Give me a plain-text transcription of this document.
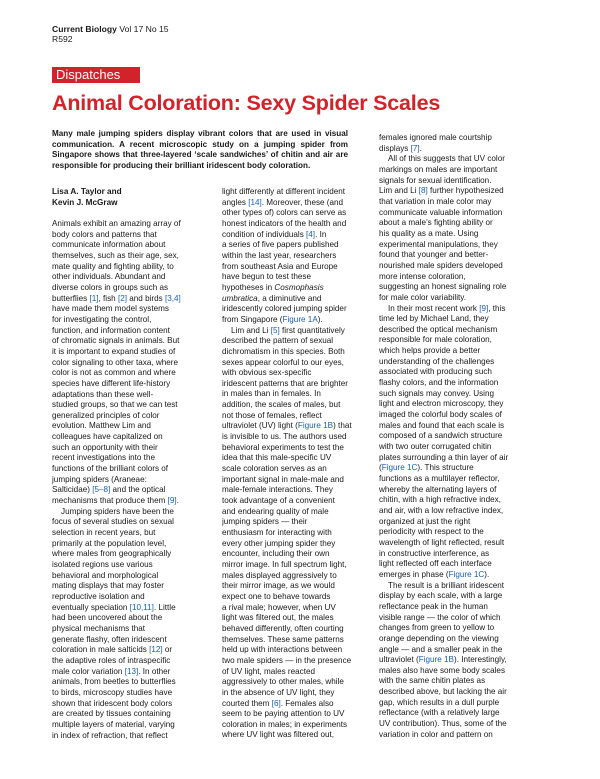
Current Biology Vol 17 No 15
R592
Dispatches
Animal Coloration: Sexy Spider Scales
Many male jumping spiders display vibrant colors that are used in visual communication. A recent microscopic study on a jumping spider from Singapore shows that three-layered ‘scale sandwiches’ of chitin and air are responsible for producing their brilliant iridescent body coloration.
Lisa A. Taylor and
Kevin J. McGraw

Animals exhibit an amazing array of

body colors and patterns that

communicate information about

themselves, such as their age, sex,

mate quality and fighting ability, to

other individuals. Abundant and

diverse colors in groups such as

butterflies [1], fish [2] and birds [3,4]

have made them model systems

for investigating the control,

function, and information content

of chromatic signals in animals. But

it is important to expand studies of

color signaling to other taxa, where

color is not as common and where

species have different life-history

adaptations than these well-

studied groups, so that we can test

generalized principles of color

evolution. Matthew Lim and

colleagues have capitalized on

such an opportunity with their

recent investigations into the

functions of the brilliant colors of

jumping spiders (Araneae:

Salticidae) [5–8] and the optical

mechanisms that produce them [9].

Jumping spiders have been the

focus of several studies on sexual

selection in recent years, but

primarily at the population level,

where males from geographically

isolated regions use various

behavioral and morphological

mating displays that may foster

reproductive isolation and

eventually speciation [10,11]. Little

had been uncovered about the

physical mechanisms that

generate flashy, often iridescent

coloration in male salticids [12] or

the adaptive roles of intraspecific

male color variation [13]. In other

animals, from beetles to butterflies

to birds, microscopy studies have

shown that iridescent body colors

are created by tissues containing

multiple layers of material, varying

in index of refraction, that reflect

light differently at different incident

angles [14]. Moreover, these (and

other types of) colors can serve as

honest indicators of the health and

condition of individuals [4]. In

a series of five papers published

within the last year, researchers

from southeast Asia and Europe

have begun to test these

hypotheses in Cosmophasis

umbratica, a diminutive and

iridescently colored jumping spider

from Singapore (Figure 1A).

Lim and Li [5] first quantitatively

described the pattern of sexual

dichromatism in this species. Both

sexes appear colorful to our eyes,

with obvious sex-specific

iridescent patterns that are brighter

in males than in females. In

addition, the scales of males, but

not those of females, reflect

ultraviolet (UV) light (Figure 1B) that

is invisible to us. The authors used

behavioral experiments to test the

idea that this male-specific UV

scale coloration serves as an

important signal in male-male and

male-female interactions. They

took advantage of a convenient

and endearing quality of male

jumping spiders — their

enthusiasm for interacting with

every other jumping spider they

encounter, including their own

mirror image. In full spectrum light,

males displayed aggressively to

their mirror image, as we would

expect one to behave towards

a rival male; however, when UV

light was filtered out, the males

behaved differently, often courting

themselves. These same patterns

held up with interactions between

two male spiders — in the presence

of UV light, males reacted

aggressively to other males, while

in the absence of UV light, they

courted them [6]. Females also

seem to be paying attention to UV

coloration in males; in experiments

where UV light was filtered out,

females ignored male courtship

displays [7].

All of this suggests that UV color

markings on males are important

signals for sexual identification.

Lim and Li [8] further hypothesized

that variation in male color may

communicate valuable information

about a male’s fighting ability or

his quality as a mate. Using

experimental manipulations, they

found that younger and better-

nourished male spiders developed

more intense coloration,

suggesting an honest signaling role

for male color variability.

In their most recent work [9], this

time led by Michael Land, they

described the optical mechanism

responsible for male coloration,

which helps provide a better

understanding of the challenges

associated with producing such

flashy colors, and the information

such signals may convey. Using

light and electron microscopy, they

imaged the colorful body scales of

males and found that each scale is

composed of a sandwich structure

with two outer corrugated chitin

plates surrounding a thin layer of air

(Figure 1C). This structure

functions as a multilayer reflector,

whereby the alternating layers of

chitin, with a high refractive index,

and air, with a low refractive index,

organized at just the right

periodicity with respect to the

wavelength of light reflected, result

in constructive interference, as

light reflected off each interface

emerges in phase (Figure 1C).

The result is a brilliant iridescent

display by each scale, with a large

reflectance peak in the human

visible range — the color of which

changes from green to yellow to

orange depending on the viewing

angle — and a smaller peak in the

ultraviolet (Figure 1B). Interestingly,

males also have some body scales

with the same chitin plates as

described above, but lacking the air

gap, which results in a dull purple

reflectance (with a relatively large

UV contribution). Thus, some of the

variation in color and pattern on
